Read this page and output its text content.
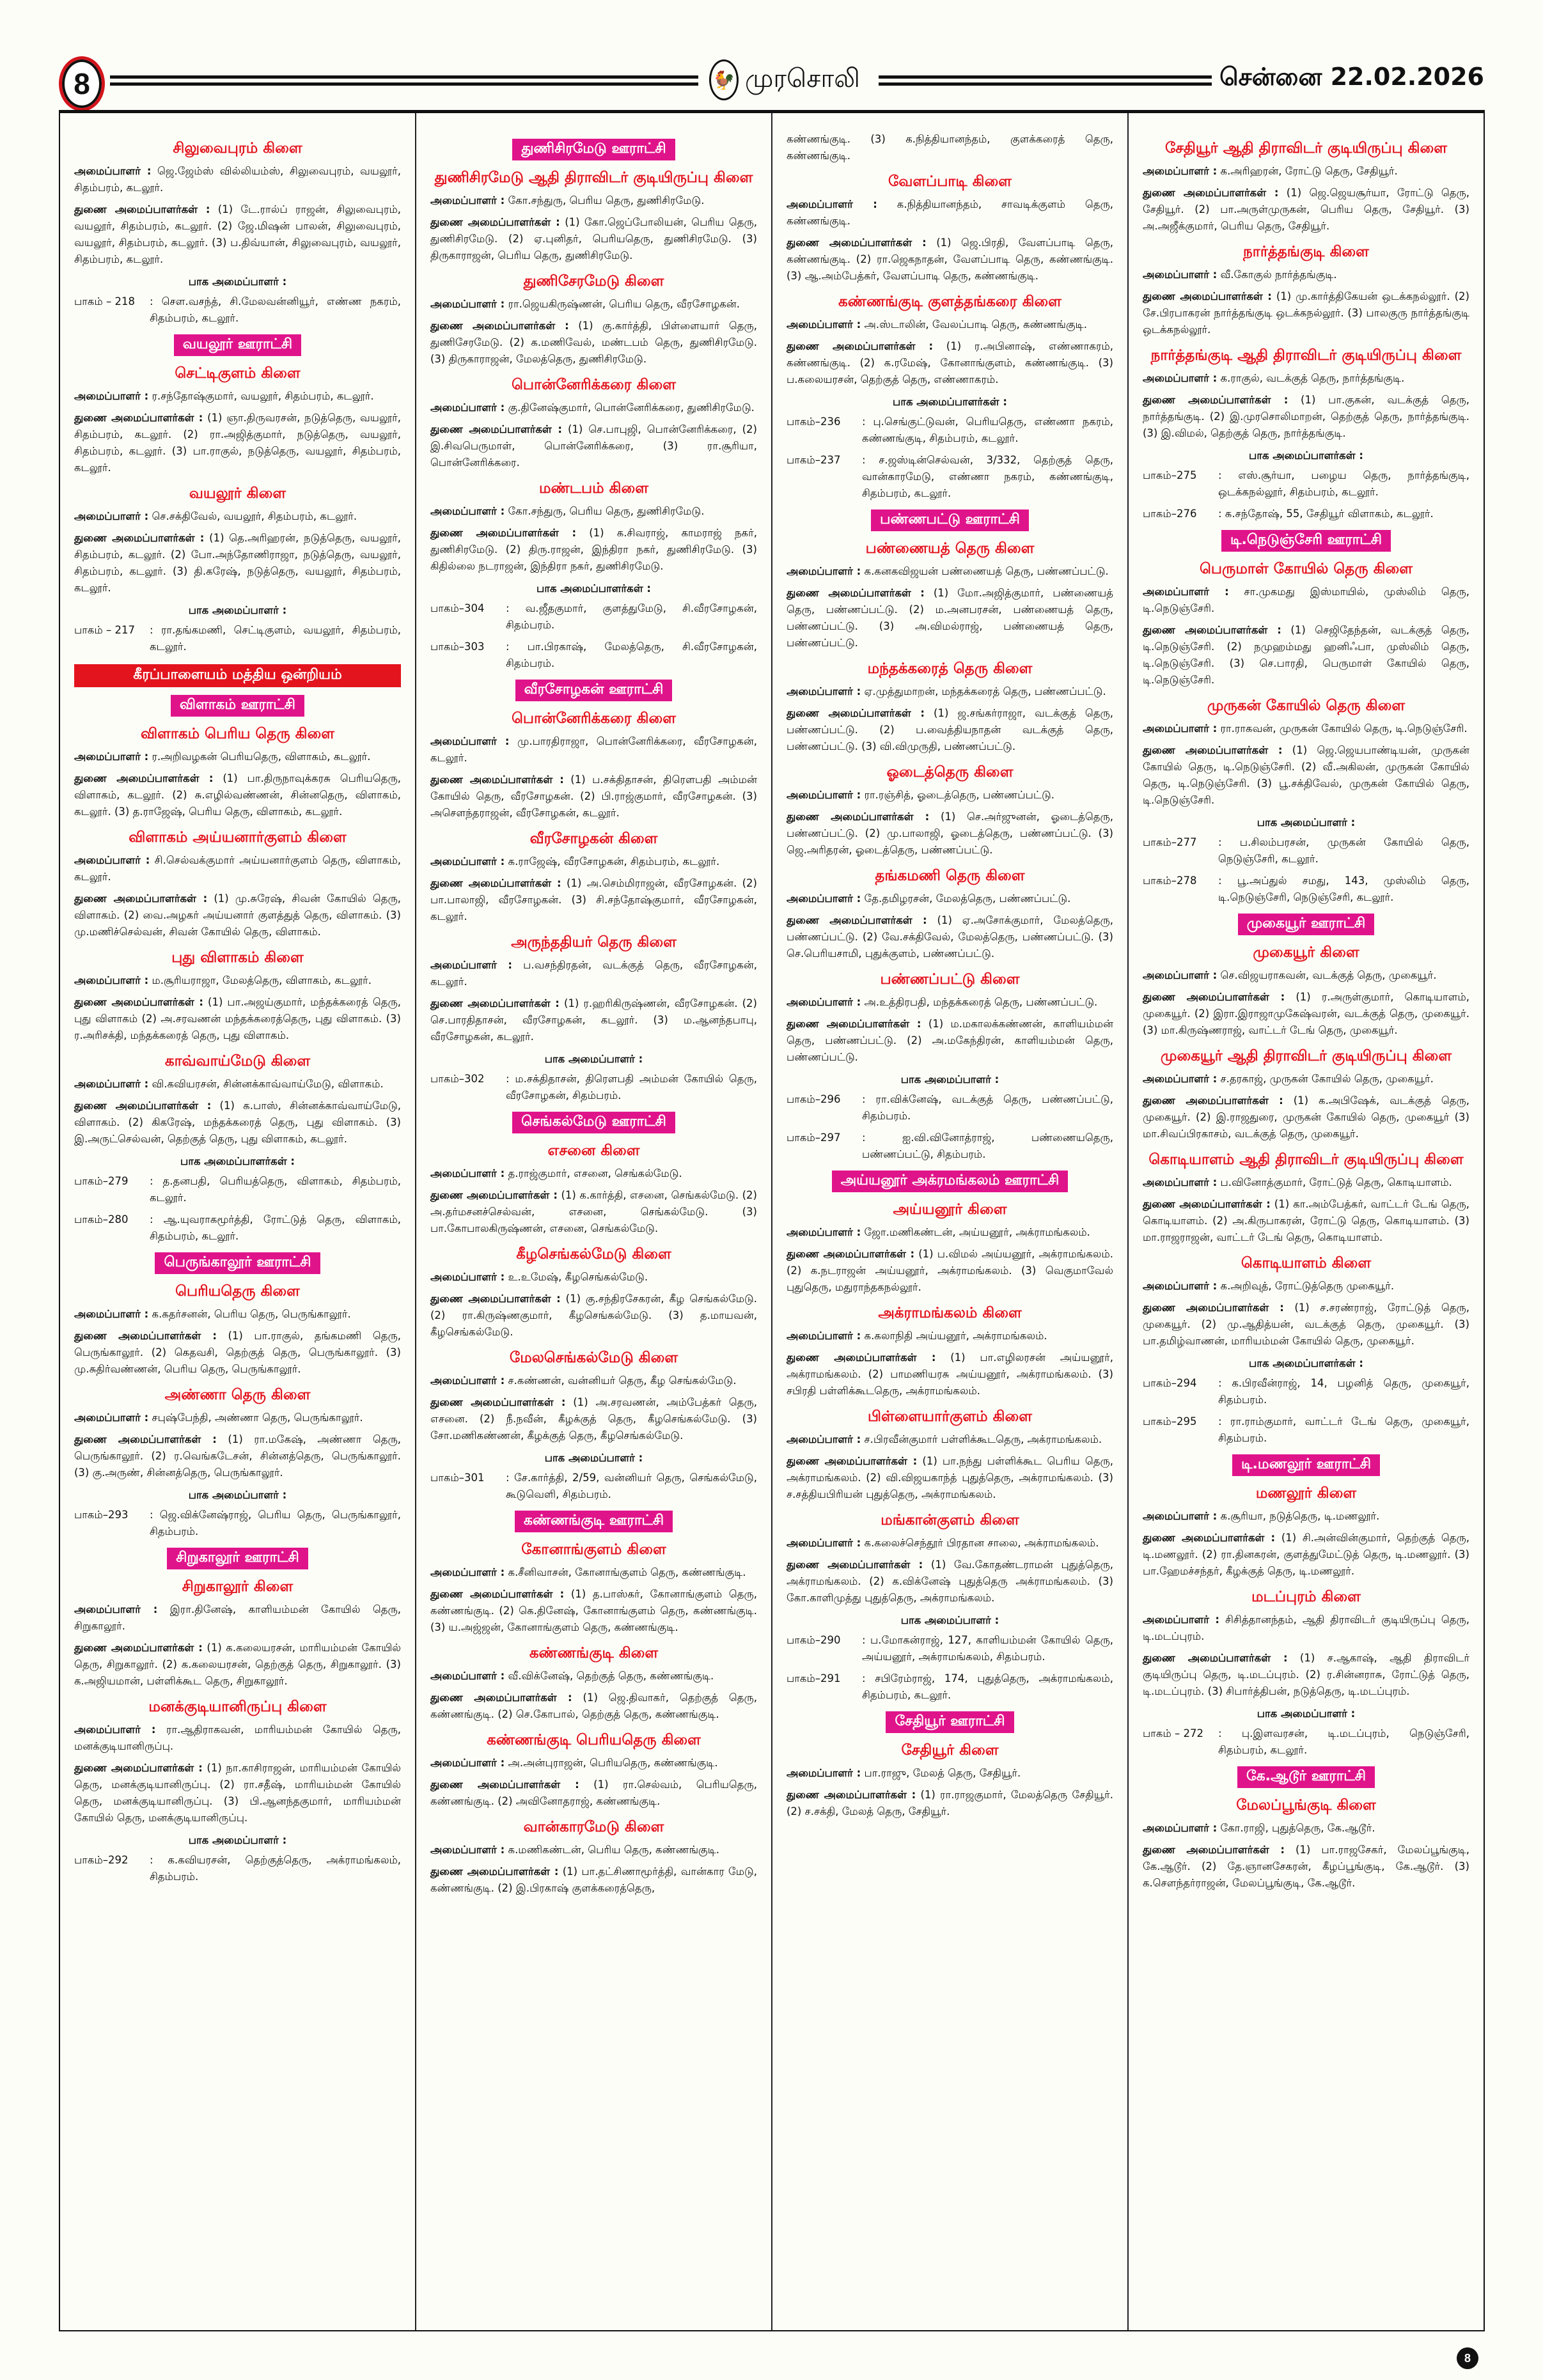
8	🐓 முரசொலி	சென்னை 22.02.2026
சிலுவைபுரம் கிளை
அமைப்பாளர் : ஜெ.ஜேம்ஸ் வில்லியம்ஸ், சிலுவைபுரம், வயலூர், சிதம்பரம், கடலூர்.
துணை அமைப்பாளர்கள் : (1) டே.ரால்ப் ராஜன், சிலுவைபுரம், வயலூர், சிதம்பரம், கடலூர். (2) ஜே.மிஷன் பாலன், சிலுவைபுரம், வயலூர், சிதம்பரம், கடலூர். (3) ப.திவ்யான், சிலுவைபுரம், வயலூர், சிதம்பரம், கடலூர்.
பாக அமைப்பாளர் :
பாகம் – 218	: சௌ.வசந்த், சி.மேலவன்னியூர், எண்ண நகரம், சிதம்பரம், கடலூர்.
வயலூர் ஊராட்சி
செட்டிகுளம் கிளை
அமைப்பாளர் : ர.சந்தோஷ்குமார், வயலூர், சிதம்பரம், கடலூர்.
துணை அமைப்பாளர்கள் : (1) ஞா.திருவரசன், நடுத்தெரு, வயலூர், சிதம்பரம், கடலூர். (2) ரா.அஜித்குமார், நடுத்தெரு, வயலூர், சிதம்பரம், கடலூர். (3) பா.ராகுல், நடுத்தெரு, வயலூர், சிதம்பரம், கடலூர்.
வயலூர் கிளை
அமைப்பாளர் : செ.சக்திவேல், வயலூர், சிதம்பரம், கடலூர்.
துணை அமைப்பாளர்கள் : (1) தெ.அரிஹரன், நடுத்தெரு, வயலூர், சிதம்பரம், கடலூர். (2) போ.அந்தோணிராஜா, நடுத்தெரு, வயலூர், சிதம்பரம், கடலூர். (3) தி.கரேஷ், நடுத்தெரு, வயலூர், சிதம்பரம், கடலூர்.
பாக அமைப்பாளர் :
பாகம் – 217	: ரா.தங்கமணி, செட்டிகுளம், வயலூர், சிதம்பரம், கடலூர்.
கீரப்பாளையம் மத்திய ஒன்றியம்
விளாகம் ஊராட்சி
விளாகம் பெரிய தெரு கிளை
அமைப்பாளர் : ர.அறிவழகன் பெரியதெரு, விளாகம், கடலூர்.
துணை அமைப்பாளர்கள் : (1) பா.திருநாவுக்கரசு பெரியதெரு, விளாகம், கடலூர். (2) சு.எழில்வண்ணன், சின்னதெரு, விளாகம், கடலூர். (3) த.ராஜேஷ், பெரிய தெரு, விளாகம், கடலூர்.
விளாகம் அய்யனார்குளம் கிளை
அமைப்பாளர் : சி.செல்வக்குமார் அய்யனார்குளம் தெரு, விளாகம், கடலூர்.
துணை அமைப்பாளர்கள் : (1) மு.சுரேஷ், சிவன் கோயில் தெரு, விளாகம். (2) வை.அழகர் அய்யனார் குளத்துத் தெரு, விளாகம். (3) மு.மணிச்செல்வன், சிவன் கோயில் தெரு, விளாகம்.
புது விளாகம் கிளை
அமைப்பாளர் : ம.சூரியராஜா, மேலத்தெரு, விளாகம், கடலூர்.
துணை அமைப்பாளர்கள் : (1) பா.அஜய்குமார், மந்தக்கரைத் தெரு, புது விளாகம் (2) அ.சரவணன் மந்தக்கரைத்தெரு, புது விளாகம். (3) ர.அரிசக்தி, மந்தக்கரைத் தெரு, புது விளாகம்.
காவ்வாய்மேடு கிளை
அமைப்பாளர் : வி.கவியரசன், சின்னக்காவ்வாய்மேடு, விளாகம்.
துணை அமைப்பாளர்கள் : (1) க.பாஸ், சின்னக்காவ்வாய்மேடு, விளாகம். (2) கிகரேஷ், மந்தக்கரைத் தெரு, புது விளாகம். (3) இ.அருட்செல்வன், தெற்குத் தெரு, புது விளாகம், கடலூர்.
பாக அமைப்பாளர்கள் :
பாகம்–279	: த.தனபதி, பெரியத்தெரு, விளாகம், சிதம்பரம், கடலூர்.
பாகம்–280	: ஆ.யுவராகமூர்த்தி, ரோட்டுத் தெரு, விளாகம், சிதம்பரம், கடலூர்.
பெருங்காலூர் ஊராட்சி
பெரியதெரு கிளை
அமைப்பாளர் : க.கதர்சனன், பெரிய தெரு, பெருங்காலூர்.
துணை அமைப்பாளர்கள் : (1) பா.ராகுல், தங்கமணி தெரு, பெருங்காலூர். (2) கெதவசி, தெற்குத் தெரு, பெருங்காலூர். (3) மு.சுதிர்வண்ணன், பெரிய தெரு, பெருங்காலூர்.
அண்ணா தெரு கிளை
அமைப்பாளர் : சபுஷ்பேந்தி, அண்ணா தெரு, பெருங்காலூர்.
துணை அமைப்பாளர்கள் : (1) ரா.மகேஷ், அண்ணா தெரு, பெருங்காலூர். (2) ர.வெங்கடேசன், சின்னத்தெரு, பெருங்காலூர். (3) கு.அருண், சின்னத்தெரு, பெருங்காலூர்.
பாக அமைப்பாளர் :
பாகம்–293	: ஜெ.விக்னேஷ்ராஜ், பெரிய தெரு, பெருங்காலூர், சிதம்பரம்.
சிறுகாலூர் ஊராட்சி
சிறுகாலூர் கிளை
அமைப்பாளர் : இரா.தினேஷ், காளியம்மன் கோயில் தெரு, சிறுகாலூர்.
துணை அமைப்பாளர்கள் : (1) க.கலையரசன், மாரியம்மன் கோயில் தெரு, சிறுகாலூர். (2) க.கலையரசன், தெற்குத் தெரு, சிறுகாலூர். (3) க.அஜியமான், பள்ளிக்கூட தெரு, சிறுகாலூர்.
மனக்குடியானிருப்பு கிளை
அமைப்பாளர் : ரா.ஆதிராகவன், மாரியம்மன் கோயில் தெரு, மனக்குடியானிருப்பு.
துணை அமைப்பாளர்கள் : (1) நா.காசிராஜன், மாரியம்மன் கோயில் தெரு, மனக்குடியானிருப்பு. (2) ரா.சதீஷ், மாரியம்மன் கோயில் தெரு, மனக்குடியானிருப்பு. (3) பி.ஆனந்தகுமார், மாரியம்மன் கோயில் தெரு, மனக்குடியானிருப்பு.
பாக அமைப்பாளர் :
பாகம்–292	: க.கவியரசன், தெற்குத்தெரு, அக்ராமங்கலம், சிதம்பரம்.
துணிசிரமேடு ஊராட்சி
துணிசிரமேடு ஆதி திராவிடர் குடியிருப்பு கிளை
அமைப்பாளர் : கோ.சந்துரு, பெரிய தெரு, துணிசிரமேடு.
துணை அமைப்பாளர்கள் : (1) கோ.ஜெப்போலியன், பெரிய தெரு, துணிசிரமேடு. (2) ஏ.புனிதர், பெரியதெரு, துணிசிரமேடு. (3) திருகாராஜன், பெரிய தெரு, துணிசிரமேடு.
துணிசேரமேடு கிளை
அமைப்பாளர் : ரா.ஜெயகிருஷ்ணன், பெரிய தெரு, வீரசோழகன்.
துணை அமைப்பாளர்கள் : (1) கு.கார்த்தி, பிள்ளையார் தெரு, துணிசேரமேடு. (2) க.மணிவேல், மண்டபம் தெரு, துணிசிரமேடு. (3) திருகாராஜன், மேலத்தெரு, துணிசிரமேடு.
பொன்னேரிக்கரை கிளை
அமைப்பாளர் : கு.தினேஷ்குமார், பொன்னேரிக்கரை, துணிசிரமேடு.
துணை அமைப்பாளர்கள் : (1) செ.பாபுஜி, பொன்னேரிக்கரை, (2) இ.சிவபெருமாள், பொன்னேரிக்கரை, (3) ரா.சூரியா, பொன்னேரிக்கரை.
மண்டபம் கிளை
அமைப்பாளர் : கோ.சந்துரு, பெரிய தெரு, துணிசிரமேடு.
துணை அமைப்பாளர்கள் : (1) க.சிவராஜ், காமராஜ் நகர், துணிசிரமேடு. (2) திரு.ராஜன், இந்திரா நகர், துணிசிரமேடு. (3) கிதில்லை நடராஜன், இந்திரா நகர், துணிசிரமேடு.
பாக அமைப்பாளர்கள் :
பாகம்–304	: வ.ஜீதகுமார், குளத்துமேடு, சி.வீரசோழகன், சிதம்பரம்.
பாகம்–303	: பா.பிரகாஷ், மேலத்தெரு, சி.வீரசோழகன், சிதம்பரம்.
வீரசோழகன் ஊராட்சி
பொன்னேரிக்கரை கிளை
அமைப்பாளர் : மு.பாரதிராஜா, பொன்னேரிக்கரை, வீரசோழகன், கடலூர்.
துணை அமைப்பாளர்கள் : (1) ப.சக்திதாசன், திரௌபதி அம்மன் கோயில் தெரு, வீரசோழகன். (2) பி.ராஜ்குமார், வீரசோழகன். (3) அசௌந்தராஜன், வீரசோழகன், கடலூர்.
வீரசோழகன் கிளை
அமைப்பாளர் : க.ராஜேஷ், வீரசோழகன், சிதம்பரம், கடலூர்.
துணை அமைப்பாளர்கள் : (1) அ.செம்மிராஜன், வீரசோழகன். (2) பா.பாலாஜி, வீரசோழகன். (3) சி.சந்தோஷ்குமார், வீரசோழகன், கடலூர்.
அருந்ததியர் தெரு கிளை
அமைப்பாளர் : ப.வசந்திரதன், வடக்குத் தெரு, வீரசோழகன், கடலூர்.
துணை அமைப்பாளர்கள் : (1) ர.ஹரிகிருஷ்ணன், வீரசோழகன். (2) செ.பாரதிதாசன், வீரசோழகன், கடலூர். (3) ம.ஆனந்தபாபு, வீரசோழகன், கடலூர்.
பாக அமைப்பாளர் :
பாகம்–302	: ம.சக்திதாசன், திரௌபதி அம்மன் கோயில் தெரு, வீரசோழகன், சிதம்பரம்.
செங்கல்மேடு ஊராட்சி
எசனை கிளை
அமைப்பாளர் : த.ராஜ்குமார், எசனை, செங்கல்மேடு.
துணை அமைப்பாளர்கள் : (1) க.கார்த்தி, எசனை, செங்கல்மேடு. (2) அ.தர்மசனச்செல்வன், எசனை, செங்கல்மேடு. (3) பா.கோபாலகிருஷ்ணன், எசனை, செங்கல்மேடு.
கீழசெங்கல்மேடு கிளை
அமைப்பாளர் : உ.உமேஷ், கீழசெங்கல்மேடு.
துணை அமைப்பாளர்கள் : (1) கு.சந்திரசேகரன், கீழ செங்கல்மேடு. (2) ரா.கிருஷ்ணகுமார், கீழசெங்கல்மேடு. (3) த.மாயவன், கீழசெங்கல்மேடு.
மேலசெங்கல்மேடு கிளை
அமைப்பாளர் : ச.கண்ணன், வன்னியர் தெரு, கீழ செங்கல்மேடு.
துணை அமைப்பாளர்கள் : (1) அ.சரவணன், அம்பேத்கர் தெரு, எசனை. (2) நீ.நவீன், கீழக்குத் தெரு, கீழசெங்கல்மேடு. (3) சோ.மணிகண்ணன், கீழக்குத் தெரு, கீழசெங்கல்மேடு.
பாக அமைப்பாளர் :
பாகம்–301	: சே.கார்த்தி, 2/59, வன்னியர் தெரு, செங்கல்மேடு, கூடுவெளி, சிதம்பரம்.
கண்ணங்குடி ஊராட்சி
கோனாங்குளம் கிளை
அமைப்பாளர் : க.சீனிவாசன், கோனாங்குளம் தெரு, கண்ணங்குடி.
துணை அமைப்பாளர்கள் : (1) த.பாஸ்கர், கோனாங்குளம் தெரு, கண்ணங்குடி. (2) கெ.தினேஷ், கோனாங்குளம் தெரு, கண்ணங்குடி. (3) ய.அஜ்ஜன், கோனாங்குளம் தெரு, கண்ணங்குடி.
கண்ணங்குடி கிளை
அமைப்பாளர் : வீ.விக்னேஷ், தெற்குத் தெரு, கண்ணங்குடி.
துணை அமைப்பாளர்கள் : (1) ஜெ.திவாகர், தெற்குத் தெரு, கண்ணங்குடி. (2) செ.கோபால், தெற்குத் தெரு, கண்ணங்குடி.
கண்ணங்குடி பெரியதெரு கிளை
அமைப்பாளர் : அ.அன்புராஜன், பெரியதெரு, கண்ணங்குடி.
துணை அமைப்பாளர்கள் : (1) ரா.செல்வம், பெரியதெரு, கண்ணங்குடி. (2) அவினோதராஜ், கண்ணங்குடி.
வான்காரமேடு கிளை
அமைப்பாளர் : க.மணிகண்டன், பெரிய தெரு, கண்ணங்குடி.
துணை அமைப்பாளர்கள் : (1) பா.தட்சிணாமூர்த்தி, வான்கார மேடு, கண்ணங்குடி. (2) இ.பிரகாஷ் குளக்கரைத்தெரு,
கண்ணங்குடி. (3) க.நித்தியானந்தம், குளக்கரைத் தெரு, கண்ணங்குடி.
வேளப்பாடி கிளை
அமைப்பாளர் : க.நித்தியானந்தம், சாவடிக்குளம் தெரு, கண்ணங்குடி.
துணை அமைப்பாளர்கள் : (1) ஜெ.பிரதி, வேளப்பாடி தெரு, கண்ணங்குடி. (2) ரா.ஜெகநாதன், வேளப்பாடி தெரு, கண்ணங்குடி. (3) ஆ.அம்பேத்கர், வேளப்பாடி தெரு, கண்ணங்குடி.
கண்ணங்குடி குளத்தங்கரை கிளை
அமைப்பாளர் : அ.ஸ்டாலின், வேலப்பாடி தெரு, கண்ணங்குடி.
துணை அமைப்பாளர்கள் : (1) ர.அபினாஷ், எண்ணாகரம், கண்ணங்குடி. (2) க.ரமேஷ், கோனாங்குளம், கண்ணங்குடி. (3) ப.கலையரசன், தெற்குத் தெரு, எண்ணாகரம்.
பாக அமைப்பாளர்கள் :
பாகம்–236	: பு.செங்குட்டுவன், பெரியதெரு, எண்ணா நகரம், கண்ணங்குடி, சிதம்பரம், கடலூர்.
பாகம்–237	: ச.ஜஸ்டின்செல்வன், 3/332, தெற்குத் தெரு, வான்காரமேடு, எண்ணா நகரம், கண்ணங்குடி, சிதம்பரம், கடலூர்.
பண்ணபட்டு ஊராட்சி
பண்ணையத் தெரு கிளை
அமைப்பாளர் : க.கனகவிஜயன் பண்ணையத் தெரு, பண்ணப்பட்டு.
துணை அமைப்பாளர்கள் : (1) மோ.அஜித்குமார், பண்ணையத் தெரு, பண்ணப்பட்டு. (2) ம.அனபரசன், பண்ணையத் தெரு, பண்ணப்பட்டு. (3) அ.விமல்ராஜ், பண்ணையத் தெரு, பண்ணப்பட்டு.
மந்தக்கரைத் தெரு கிளை
அமைப்பாளர் : ஏ.முத்துமாறன், மந்தக்கரைத் தெரு, பண்ணப்பட்டு.
துணை அமைப்பாளர்கள் : (1) ஜ.சங்கர்ராஜா, வடக்குத் தெரு, பண்ணப்பட்டு. (2) ப.வைத்தியநாதன் வடக்குத் தெரு, பண்ணப்பட்டு. (3) வி.விமுருதி, பண்ணப்பட்டு.
ஓடைத்தெரு கிளை
அமைப்பாளர் : ரா.ரஞ்சித், ஓடைத்தெரு, பண்ணப்பட்டு.
துணை அமைப்பாளர்கள் : (1) செ.அர்ஜுனன், ஓடைத்தெரு, பண்ணப்பட்டு. (2) மு.பாலாஜி, ஓடைத்தெரு, பண்ணப்பட்டு. (3) ஜெ.அரிதரன், ஓடைத்தெரு, பண்ணப்பட்டு.
தங்கமணி தெரு கிளை
அமைப்பாளர் : தே.தமிழரசன், மேலத்தெரு, பண்ணப்பட்டு.
துணை அமைப்பாளர்கள் : (1) ஏ.அசோக்குமார், மேலத்தெரு, பண்ணப்பட்டு. (2) வே.சக்திவேல், மேலத்தெரு, பண்ணப்பட்டு. (3) செ.பெரியசாமி, புதுக்குளம், பண்ணப்பட்டு.
பண்ணப்பட்டு கிளை
அமைப்பாளர் : அ.உத்திரபதி, மந்தக்கரைத் தெரு, பண்ணப்பட்டு.
துணை அமைப்பாளர்கள் : (1) ம.மகாலக்கண்ணன், காளியம்மன் தெரு, பண்ணப்பட்டு. (2) அ.மகேந்திரன், காளியம்மன் தெரு, பண்ணப்பட்டு.
பாக அமைப்பாளர் :
பாகம்–296	: ரா.விக்னேஷ், வடக்குத் தெரு, பண்ணப்பட்டு, சிதம்பரம்.
பாகம்–297	: ஐ.வி.வினோத்ராஜ், பண்ணையதெரு, பண்ணப்பட்டு, சிதம்பரம்.
அய்யனூர் அக்ரமங்கலம் ஊராட்சி
அய்யனூர் கிளை
அமைப்பாளர் : ஜோ.மணிகண்டன், அய்யனூர், அக்ராமங்கலம்.
துணை அமைப்பாளர்கள் : (1) ப.விமல் அய்யனூர், அக்ராமங்கலம். (2) க.நடராஜன் அய்யனூர், அக்ராமங்கலம். (3) வெகுமாவேல் புதுதெரு, மதுராந்தகநல்லூர்.
அக்ராமங்கலம் கிளை
அமைப்பாளர் : க.கலாநிதி அய்யனூர், அக்ராமங்கலம்.
துணை அமைப்பாளர்கள் : (1) பா.எழிலரசன் அய்யனூர், அக்ராமங்கலம். (2) பாமணியரசு அய்யனூர், அக்ராமங்கலம். (3) சபிரதி பள்ளிக்கூடதெரு, அக்ராமங்கலம்.
பிள்ளையார்குளம் கிளை
அமைப்பாளர் : ச.பிரவீன்குமார் பள்ளிக்கூடதெரு, அக்ராமங்கலம்.
துணை அமைப்பாளர்கள் : (1) பா.நந்து பள்ளிக்கூட பெரிய தெரு, அக்ராமங்கலம். (2) வி.விஜயகாந்த் புதுத்தெரு, அக்ராமங்கலம். (3) ச.சத்தியபிரியன் புதுத்தெரு, அக்ராமங்கலம்.
மங்கான்குளம் கிளை
அமைப்பாளர் : க.கலைச்செந்தூர் பிரதான சாலை, அக்ராமங்கலம்.
துணை அமைப்பாளர்கள் : (1) வே.கோதண்டராமன் புதுத்தெரு, அக்ராமங்கலம். (2) க.விக்னேஷ் புதுத்தெரு அக்ராமங்கலம். (3) கோ.காளிமுத்து புதுத்தெரு, அக்ராமங்கலம்.
பாக அமைப்பாளர் :
பாகம்–290	: ப.மோகன்ராஜ், 127, காளியம்மன் கோயில் தெரு, அய்யனூர், அக்ராமங்கலம், சிதம்பரம்.
பாகம்–291	: சபிரேம்ராஜ், 174, புதுத்தெரு, அக்ராமங்கலம், சிதம்பரம், கடலூர்.
சேதியூர் ஊராட்சி
சேதியூர் கிளை
அமைப்பாளர் : பா.ராஜு, மேலத் தெரு, சேதியூர்.
துணை அமைப்பாளர்கள் : (1) ரா.ராஜகுமார், மேலத்தெரு சேதியூர். (2) ச.சக்தி, மேலத் தெரு, சேதியூர்.
சேதியூர் ஆதி திராவிடர் குடியிருப்பு கிளை
அமைப்பாளர் : க.அரிஹரன், ரோட்டு தெரு, சேதியூர்.
துணை அமைப்பாளர்கள் : (1) ஜெ.ஜெயசூர்யா, ரோட்டு தெரு, சேதியூர். (2) பா.அருள்முருகன், பெரிய தெரு, சேதியூர். (3) அ.அஜீக்குமார், பெரிய தெரு, சேதியூர்.
நார்த்தங்குடி கிளை
அமைப்பாளர் : வீ.கோகுல் நார்த்தங்குடி.
துணை அமைப்பாளர்கள் : (1) மு.கார்த்திகேயன் ஒடக்கநல்லூர். (2) சே.பிரபாகரன் நார்த்தங்குடி ஒடக்கநல்லூர். (3) பாலகுரு நார்த்தங்குடி ஒடக்கநல்லூர்.
நார்த்தங்குடி ஆதி திராவிடர் குடியிருப்பு கிளை
அமைப்பாளர் : க.ராகுல், வடக்குத் தெரு, நார்த்தங்குடி.
துணை அமைப்பாளர்கள் : (1) பா.குகன், வடக்குத் தெரு, நார்த்தங்குடி. (2) இ.முரசொலிமாறன், தெற்குத் தெரு, நார்த்தங்குடி. (3) இ.விமல், தெற்குத் தெரு, நார்த்தங்குடி.
பாக அமைப்பாளர்கள் :
பாகம்–275	: எஸ்.சூர்யா, பழைய தெரு, நார்த்தங்குடி, ஒடக்கநல்லூர், சிதம்பரம், கடலூர்.
பாகம்–276	: க.சந்தோஷ், 55, சேதியூர் விளாகம், கடலூர்.
டி.நெடுஞ்சேரி ஊராட்சி
பெருமாள் கோயில் தெரு கிளை
அமைப்பாளர் : சா.முகமது இஸ்மாயில், முஸ்லிம் தெரு, டி.நெடுஞ்சேரி.
துணை அமைப்பாளர்கள் : (1) செஜிதேந்தன், வடக்குத் தெரு, டி.நெடுஞ்சேரி. (2) நமுஹம்மது ஹனிஃபா, முஸ்லிம் தெரு, டி.நெடுஞ்சேரி. (3) செ.பாரதி, பெருமாள் கோயில் தெரு, டி.நெடுஞ்சேரி.
முருகன் கோயில் தெரு கிளை
அமைப்பாளர் : ரா.ராகவன், முருகன் கோயில் தெரு, டி.நெடுஞ்சேரி.
துணை அமைப்பாளர்கள் : (1) ஜெ.ஜெயபாண்டியன், முருகன் கோயில் தெரு, டி.நெடுஞ்சேரி. (2) வீ.அகிலன், முருகன் கோயில் தெரு, டி.நெடுஞ்சேரி. (3) பூ.சக்திவேல், முருகன் கோயில் தெரு, டி.நெடுஞ்சேரி.
பாக அமைப்பாளர் :
பாகம்–277	: ப.சிலம்பரசன், முருகன் கோயில் தெரு, நெடுஞ்சேரி, கடலூர்.
பாகம்–278	: பூ.அப்துல் சமது, 143, முஸ்லிம் தெரு, டி.நெடுஞ்சேரி, நெடுஞ்சேரி, கடலூர்.
முகையூர் ஊராட்சி
முகையூர் கிளை
அமைப்பாளர் : செ.விஜயராகவன், வடக்குத் தெரு, முகையூர்.
துணை அமைப்பாளர்கள் : (1) ர.அருள்குமார், கொடியாளம், முகையூர். (2) இரா.இராஜாமுகேஷ்வரன், வடக்குத் தெரு, முகையூர். (3) மா.கிருஷ்ணராஜ், வாட்டர் டேங் தெரு, முகையூர்.
முகையூர் ஆதி திராவிடர் குடியிருப்பு கிளை
அமைப்பாளர் : ச.தரகாஜ், முருகன் கோயில் தெரு, முகையூர்.
துணை அமைப்பாளர்கள் : (1) க.அபிஷேக், வடக்குத் தெரு, முகையூர். (2) இ.ராஜதுரை, முருகன் கோயில் தெரு, முகையூர் (3) மா.சிவப்பிரகாசம், வடக்குத் தெரு, முகையூர்.
கொடியாளம் ஆதி திராவிடர் குடியிருப்பு கிளை
அமைப்பாளர் : ப.வினோத்குமார், ரோட்டுத் தெரு, கொடியாளம்.
துணை அமைப்பாளர்கள் : (1) கா.அம்பேத்கர், வாட்டர் டேங் தெரு, கொடியாளம். (2) அ.கிருபாகரன், ரோட்டு தெரு, கொடியாளம். (3) மா.ராஜராஜன், வாட்டர் டேங் தெரு, கொடியாளம்.
கொடியாளம் கிளை
அமைப்பாளர் : க.அறிவுத், ரோட்டுத்தெரு முகையூர்.
துணை அமைப்பாளர்கள் : (1) ச.சரண்ராஜ், ரோட்டுத் தெரு, முகையூர். (2) மு.ஆதித்யன், வடக்குத் தெரு, முகையூர். (3) பா.தமிழ்வாணன், மாரியம்மன் கோயில் தெரு, முகையூர்.
பாக அமைப்பாளர்கள் :
பாகம்–294	: க.பிரவீன்ராஜ், 14, பழனித் தெரு, முகையூர், சிதம்பரம்.
பாகம்–295	: ரா.ராம்குமார், வாட்டர் டேங் தெரு, முகையூர், சிதம்பரம்.
டி.மணலூர் ஊராட்சி
மணலூர் கிளை
அமைப்பாளர் : க.சூரியா, நடுத்தெரு, டி.மணலூர்.
துணை அமைப்பாளர்கள் : (1) சி.அன்வின்குமார், தெற்குத் தெரு, டி.மணலூர். (2) ரா.தினகரன், குளத்துமேட்டுத் தெரு, டி.மணலூர். (3) பா.ஹேமச்சந்தர், கீழக்குத் தெரு, டி.மணலூர்.
மடப்புரம் கிளை
அமைப்பாளர் : சிசித்தானந்தம், ஆதி திராவிடர் குடியிருப்பு தெரு, டி.மடப்புரம்.
துணை அமைப்பாளர்கள் : (1) ச.ஆகாஷ், ஆதி திராவிடர் குடியிருப்பு தெரு, டி.மடப்புரம். (2) ர.சின்னராசு, ரோட்டுத் தெரு, டி.மடப்புரம். (3) சிபார்த்திபன், நடுத்தெரு, டி.மடப்புரம்.
பாக அமைப்பாளர் :
பாகம் – 272	: பு.இளவரசன், டி.மடப்புரம், நெடுஞ்சேரி, சிதம்பரம், கடலூர்.
கே.ஆடூர் ஊராட்சி
மேலப்பூங்குடி கிளை
அமைப்பாளர் : கோ.ராஜி, புதுத்தெரு, கே.ஆடூர்.
துணை அமைப்பாளர்கள் : (1) பா.ராஜசேகர், மேலப்பூங்குடி, கே.ஆடூர். (2) தே.ஞானசேகரன், கீழப்பூங்குடி, கே.ஆடூர். (3) க.சௌந்தர்ராஜன், மேலப்பூங்குடி, கே.ஆடூர்.
8
